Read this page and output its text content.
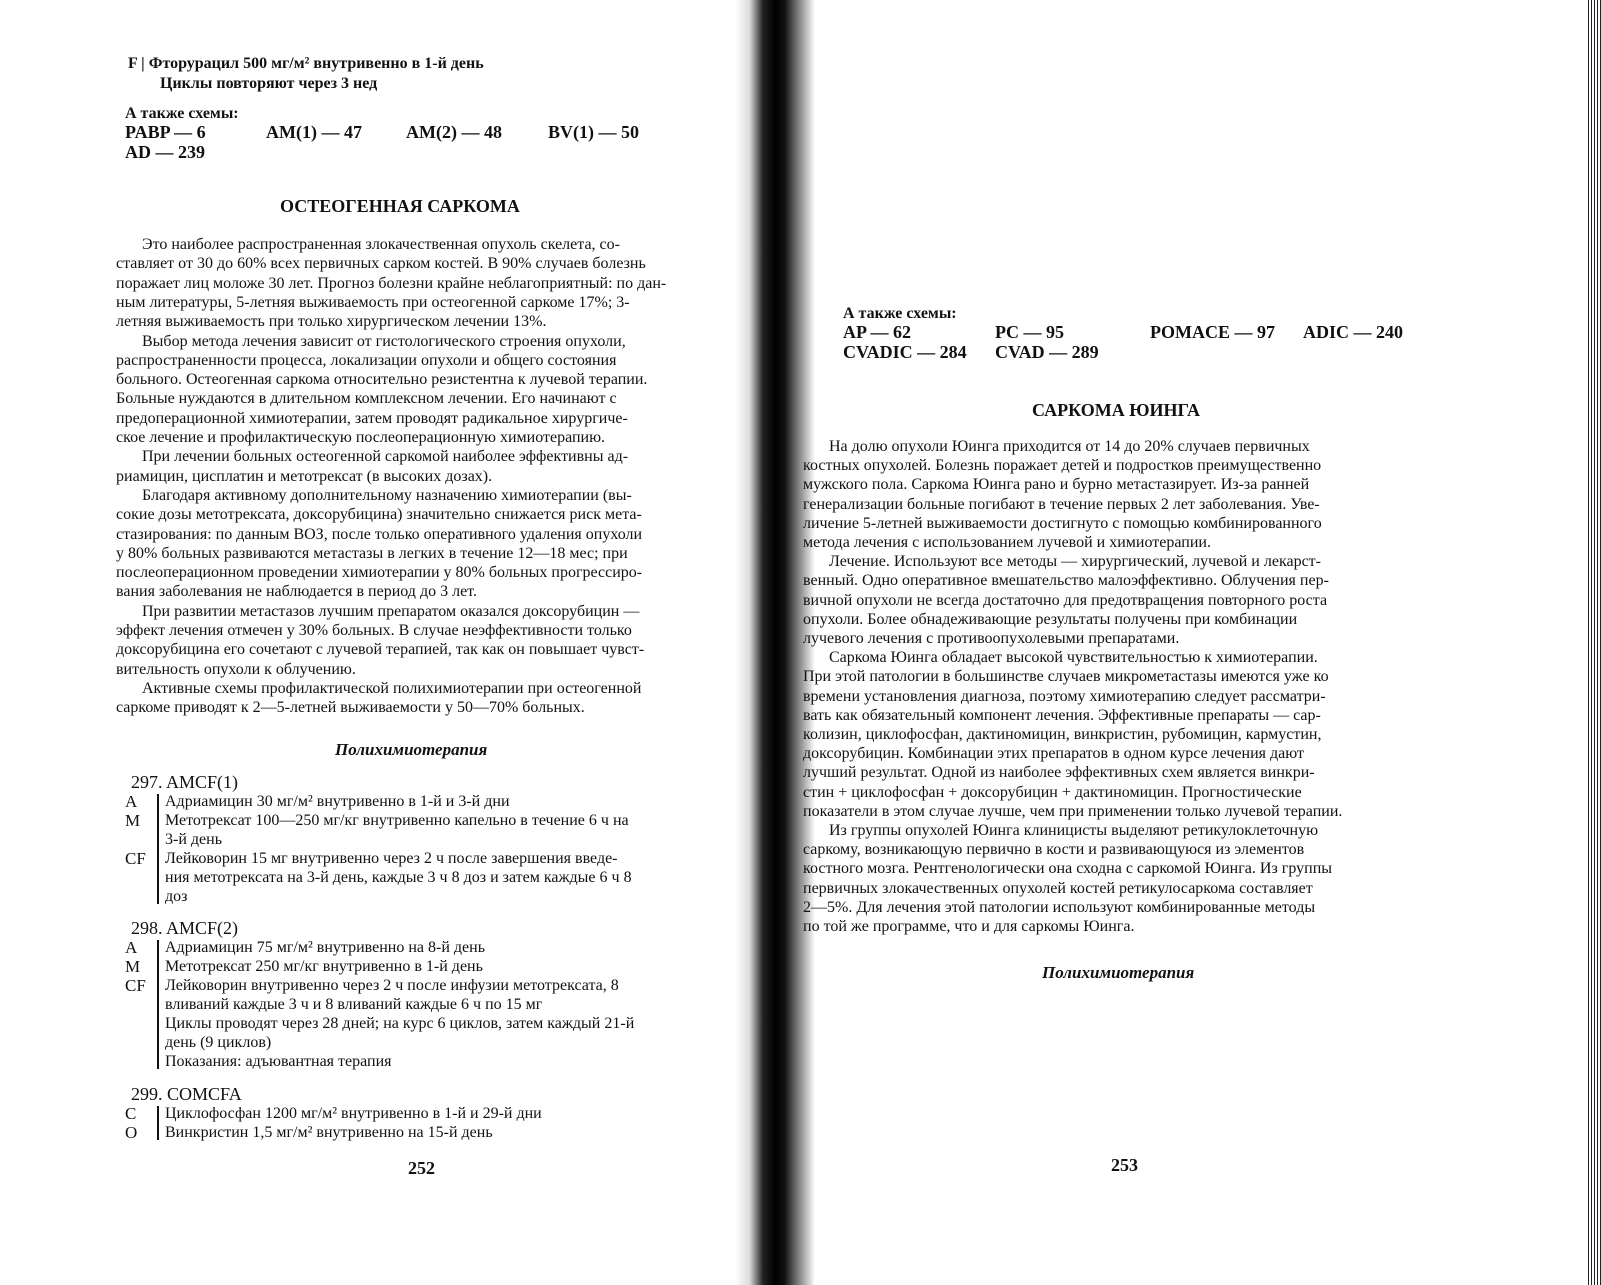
F | Фторурацил 500 мг/м² внутривенно в 1-й день
Циклы повторяют через 3 нед
А также схемы:
PABP — 6	AM(1) — 47 AM(2) — 48	BV(1) — 50
AD — 239
ОСТЕОГЕННАЯ САРКОМА
Это наиболее распространенная злокачественная опухоль скелета, со-
ставляет от 30 до 60% всех первичных сарком костей. В 90% случаев болезнь
поражает лиц моложе 30 лет. Прогноз болезни крайне неблагоприятный: по дан-
ным литературы, 5-летняя выживаемость при остеогенной саркоме 17%; 3-
летняя выживаемость при только хирургическом лечении 13%.
Выбор метода лечения зависит от гистологического строения опухоли,
распространенности процесса, локализации опухоли и общего состояния
больного. Остеогенная саркома относительно резистентна к лучевой терапии.
Больные нуждаются в длительном комплексном лечении. Его начинают с
предоперационной химиотерапии, затем проводят радикальное хирургиче-
ское лечение и профилактическую послеоперационную химиотерапию.
При лечении больных остеогенной саркомой наиболее эффективны ад-
риамицин, цисплатин и метотрексат (в высоких дозах).
Благодаря активному дополнительному назначению химиотерапии (вы-
сокие дозы метотрексата, доксорубицина) значительно снижается риск мета-
стазирования: по данным ВОЗ, после только оперативного удаления опухоли
у 80% больных развиваются метастазы в легких в течение 12—18 мес; при
послеоперационном проведении химиотерапии у 80% больных прогрессиро-
вания заболевания не наблюдается в период до 3 лет.
При развитии метастазов лучшим препаратом оказался доксорубицин —
эффект лечения отмечен у 30% больных. В случае неэффективности только
доксорубицина его сочетают с лучевой терапией, так как он повышает чувст-
вительность опухоли к облучению.
Активные схемы профилактической полихимиотерапии при остеогенной
саркоме приводят к 2—5-летней выживаемости у 50—70% больных.
Полихимиотерапия
297. AMCF(1)
A Адриамицин 30 мг/м² внутривенно в 1-й и 3-й дни
M Метотрексат 100—250 мг/кг внутривенно капельно в течение 6 ч на
3-й день
CF Лейковорин 15 мг внутривенно через 2 ч после завершения введе-
ния метотрексата на 3-й день, каждые 3 ч 8 доз и затем каждые 6 ч 8
доз
298. AMCF(2)
A Адриамицин 75 мг/м² внутривенно на 8-й день
M Метотрексат 250 мг/кг внутривенно в 1-й день
CF Лейковорин внутривенно через 2 ч после инфузии метотрексата, 8
вливаний каждые 3 ч и 8 вливаний каждые 6 ч по 15 мг
Циклы проводят через 28 дней; на курс 6 циклов, затем каждый 21-й
день (9 циклов)
Показания: адъювантная терапия
299. COMCFA
C Циклофосфан 1200 мг/м² внутривенно в 1-й и 29-й дни
O Винкристин 1,5 мг/м² внутривенно на 15-й день
252
А также схемы:
AP — 62	PC — 95	POMACE — 97 ADIC — 240
CVADIC — 284 CVAD — 289
САРКОМА ЮИНГА
На долю опухоли Юинга приходится от 14 до 20% случаев первичных
костных опухолей. Болезнь поражает детей и подростков преимущественно
мужского пола. Саркома Юинга рано и бурно метастазирует. Из-за ранней
генерализации больные погибают в течение первых 2 лет заболевания. Уве-
личение 5-летней выживаемости достигнуто с помощью комбинированного
метода лечения с использованием лучевой и химиотерапии.
Лечение. Используют все методы — хирургический, лучевой и лекарст-
венный. Одно оперативное вмешательство малоэффективно. Облучения пер-
вичной опухоли не всегда достаточно для предотвращения повторного роста
опухоли. Более обнадеживающие результаты получены при комбинации
лучевого лечения с противоопухолевыми препаратами.
Саркома Юинга обладает высокой чувствительностью к химиотерапии.
При этой патологии в большинстве случаев микрометастазы имеются уже ко
времени установления диагноза, поэтому химиотерапию следует рассматри-
вать как обязательный компонент лечения. Эффективные препараты — сар-
колизин, циклофосфан, дактиномицин, винкристин, рубомицин, кармустин,
доксорубицин. Комбинации этих препаратов в одном курсе лечения дают
лучший результат. Одной из наиболее эффективных схем является винкри-
стин + циклофосфан + доксорубицин + дактиномицин. Прогностические
показатели в этом случае лучше, чем при применении только лучевой терапии.
Из группы опухолей Юинга клиницисты выделяют ретикулоклеточную
саркому, возникающую первично в кости и развивающуюся из элементов
костного мозга. Рентгенологически она сходна с саркомой Юинга. Из группы
первичных злокачественных опухолей костей ретикулосаркома составляет
2—5%. Для лечения этой патологии используют комбинированные методы
по той же программе, что и для саркомы Юинга.
Полихимиотерапия
253
